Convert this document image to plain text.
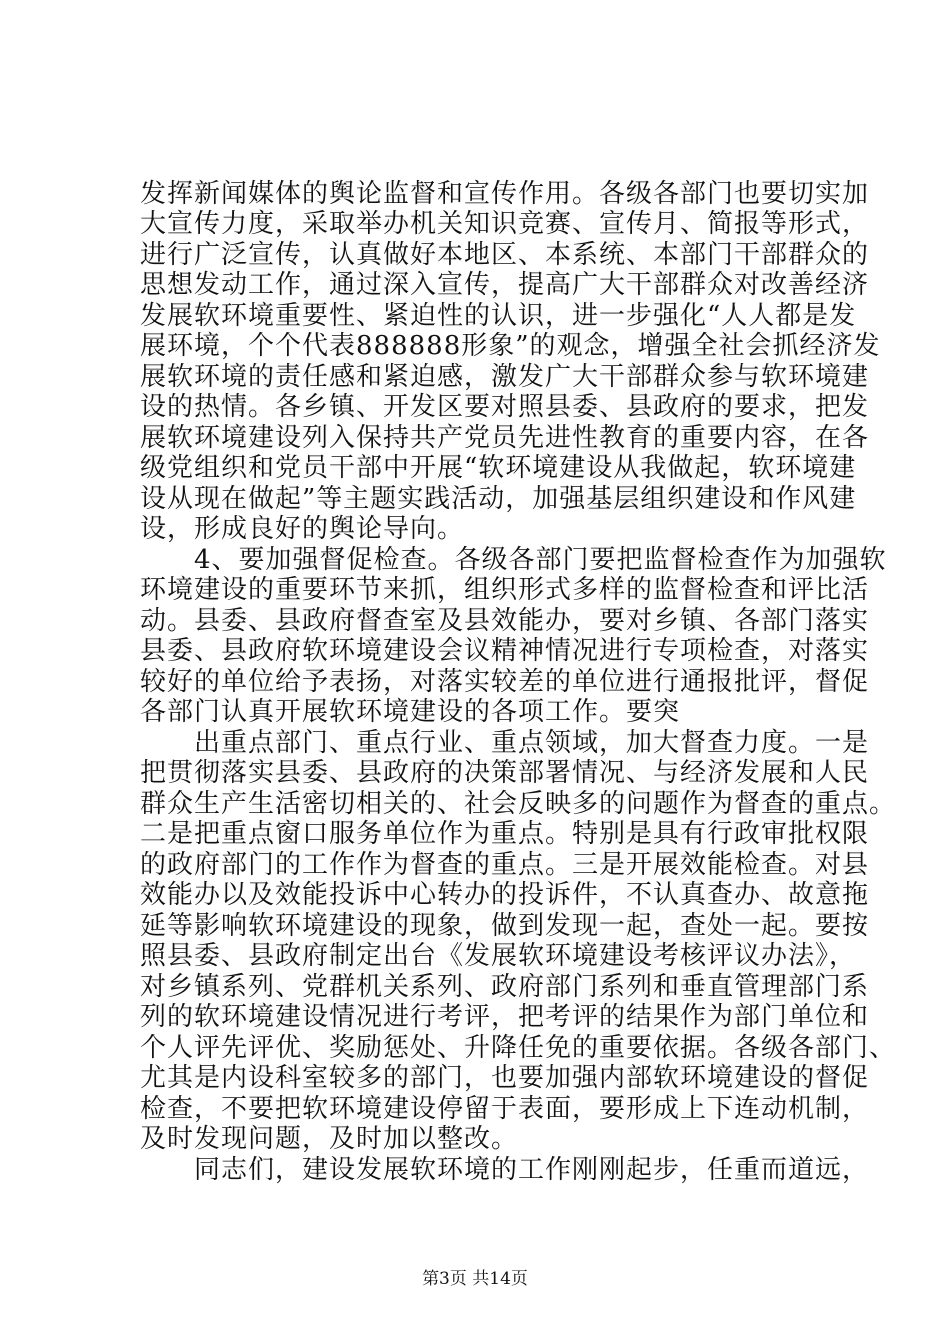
发挥新闻媒体的舆论监督和宣传作用。各级各部门也要切实加
大宣传力度，采取举办机关知识竞赛、宣传月、简报等形式，
进行广泛宣传，认真做好本地区、本系统、本部门干部群众的
思想发动工作，通过深入宣传，提高广大干部群众对改善经济
发展软环境重要性、紧迫性的认识，进一步强化“人人都是发
展环境，个个代表888888形象”的观念，增强全社会抓经济发
展软环境的责任感和紧迫感，激发广大干部群众参与软环境建
设的热情。各乡镇、开发区要对照县委、县政府的要求，把发
展软环境建设列入保持共产党员先进性教育的重要内容，在各
级党组织和党员干部中开展“软环境建设从我做起，软环境建
设从现在做起”等主题实践活动，加强基层组织建设和作风建
设，形成良好的舆论导向。
　　4、要加强督促检查。各级各部门要把监督检查作为加强软
环境建设的重要环节来抓，组织形式多样的监督检查和评比活
动。县委、县政府督查室及县效能办，要对乡镇、各部门落实
县委、县政府软环境建设会议精神情况进行专项检查，对落实
较好的单位给予表扬，对落实较差的单位进行通报批评，督促
各部门认真开展软环境建设的各项工作。要突
　　出重点部门、重点行业、重点领域，加大督查力度。一是
把贯彻落实县委、县政府的决策部署情况、与经济发展和人民
群众生产生活密切相关的、社会反映多的问题作为督查的重点。
二是把重点窗口服务单位作为重点。特别是具有行政审批权限
的政府部门的工作作为督查的重点。三是开展效能检查。对县
效能办以及效能投诉中心转办的投诉件，不认真查办、故意拖
延等影响软环境建设的现象，做到发现一起，查处一起。要按
照县委、县政府制定出台《发展软环境建设考核评议办法》，
对乡镇系列、党群机关系列、政府部门系列和垂直管理部门系
列的软环境建设情况进行考评，把考评的结果作为部门单位和
个人评先评优、奖励惩处、升降任免的重要依据。各级各部门、
尤其是内设科室较多的部门，也要加强内部软环境建设的督促
检查，不要把软环境建设停留于表面，要形成上下连动机制，
及时发现问题，及时加以整改。
　　同志们，建设发展软环境的工作刚刚起步，任重而道远，
第3页 共14页
